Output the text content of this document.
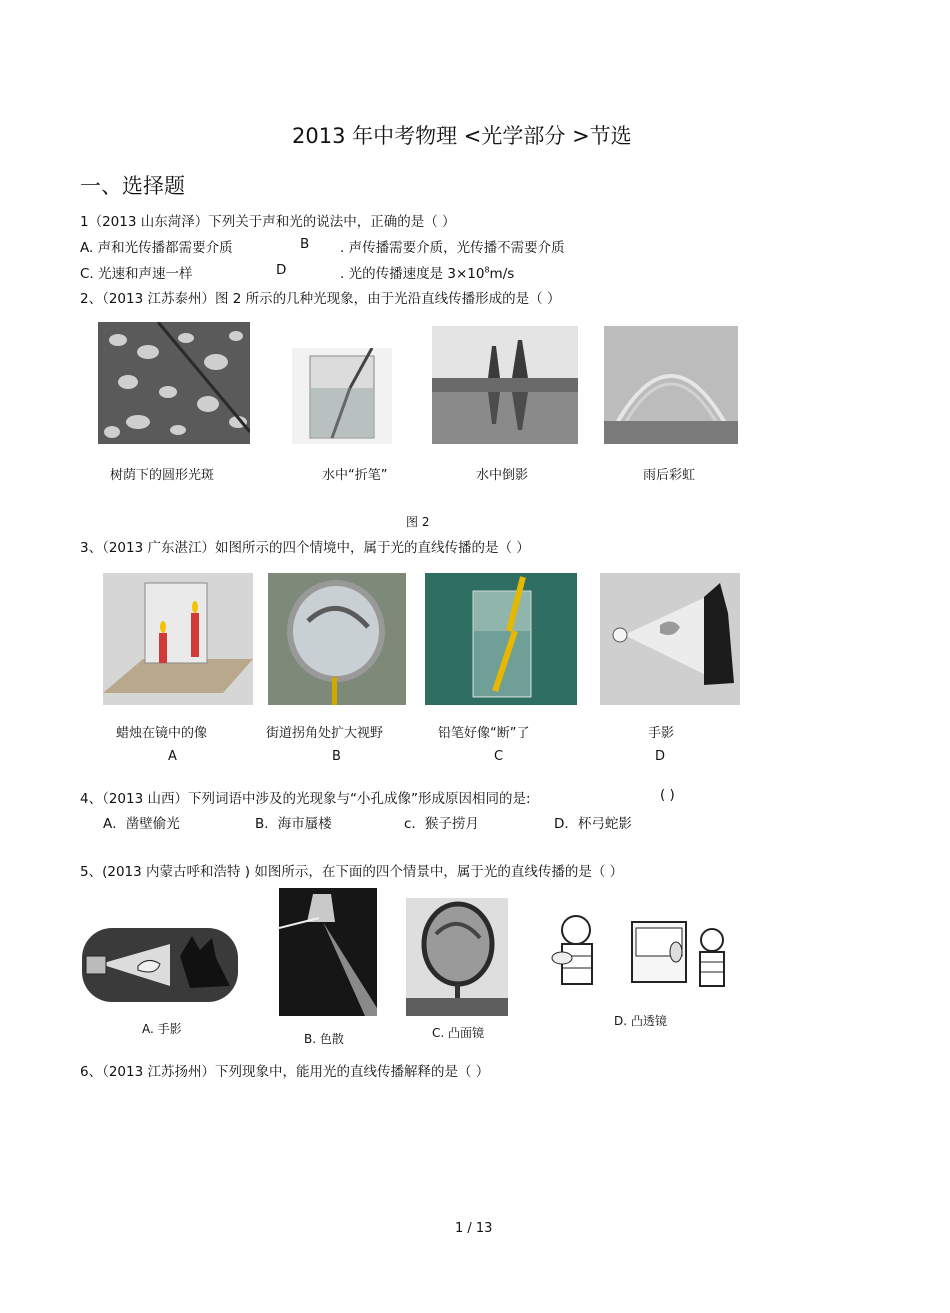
2013 年中考物理 <光学部分 >节选
一、选择题
1（2013 山东菏泽）下列关于声和光的说法中，正确的是（ ）
A. 声和光传播都需要介质	B . 声传播需要介质，光传播不需要介质
C. 光速和声速一样	D	. 光的传播速度是 $3\times 10^8m/s$
2、（2013 江苏泰州）图 2 所示的几种光现象，由于光沿直线传播形成的是（ ）
树荫下的圆形光斑	水中“折笔”	水中倒影	雨后彩虹
图 2
3、（2013 广东湛江）如图所示的四个情境中，属于光的直线传播的是（ ）
蜡烛在镜中的像	街道拐角处扩大视野	铅笔好像“断”了	手影
A	B	C	D
4、（2013 山西）下列词语中涉及的光现象与“小孔成像”形成原因相同的是:	( )
A．凿壁偷光	B．海市蜃楼	c．猴子捞月	D．杯弓蛇影
5、(2013 内蒙古呼和浩特 ) 如图所示，在下面的四个情景中，属于光的直线传播的是（ ）
A. 手影
B. 色散	C. 凸面镜
D. 凸透镜
6、（2013 江苏扬州）下列现象中，能用光的直线传播解释的是（ ）
1 / 13
